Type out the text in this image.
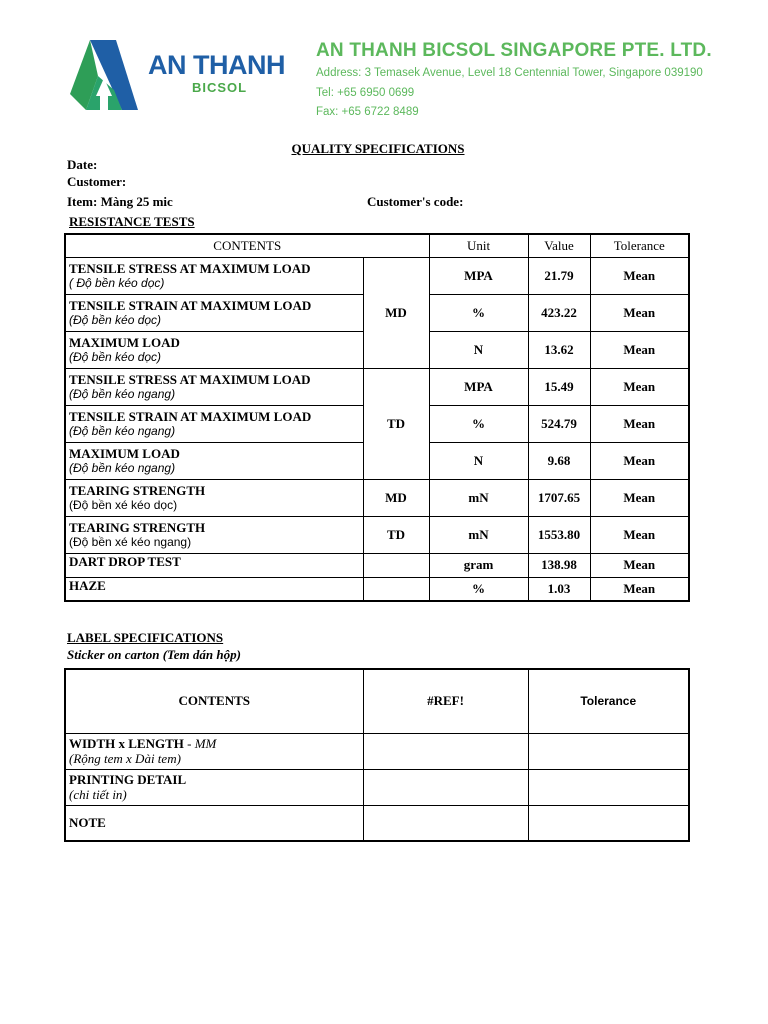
AN THANH
BICSOL
AN THANH BICSOL SINGAPORE PTE. LTD.
Address: 3 Temasek Avenue, Level 18 Centennial Tower, Singapore 039190
Tel: +65 6950 0699
Fax: +65 6722 8489
QUALITY SPECIFICATIONS
Date:
Customer:
Item: Màng 25 mic	Customer's code:
RESISTANCE TESTS
CONTENTS		Unit	Value	Tolerance

TENSILE STRESS AT MAXIMUM LOAD
( Độ bền kéo dọc)	MD	MPA	21.79	Mean

TENSILE STRAIN AT MAXIMUM LOAD
(Độ bền kéo dọc)		%	423.22	Mean

MAXIMUM LOAD
(Độ bền kéo dọc)		N	13.62	Mean

TENSILE STRESS AT MAXIMUM LOAD
(Độ bền kéo ngang)	TD	MPA	15.49	Mean

TENSILE STRAIN AT MAXIMUM LOAD
(Độ bền kéo ngang)		%	524.79	Mean

MAXIMUM LOAD
(Độ bền kéo ngang)		N	9.68	Mean

TEARING STRENGTH
(Độ bền xé kéo dọc)	MD	mN	1707.65	Mean

TEARING STRENGTH
(Độ bền xé kéo ngang)	TD	mN	1553.80	Mean

DART DROP TEST		gram	138.98	Mean

HAZE		%	1.03	Mean
LABEL SPECIFICATIONS
Sticker on carton (Tem dán hộp)
CONTENTS	#REF!	Tolerance

WIDTH x LENGTH - MM
(Rộng tem x Dài tem)		

PRINTING DETAIL
(chi tiết in)		

NOTE		
